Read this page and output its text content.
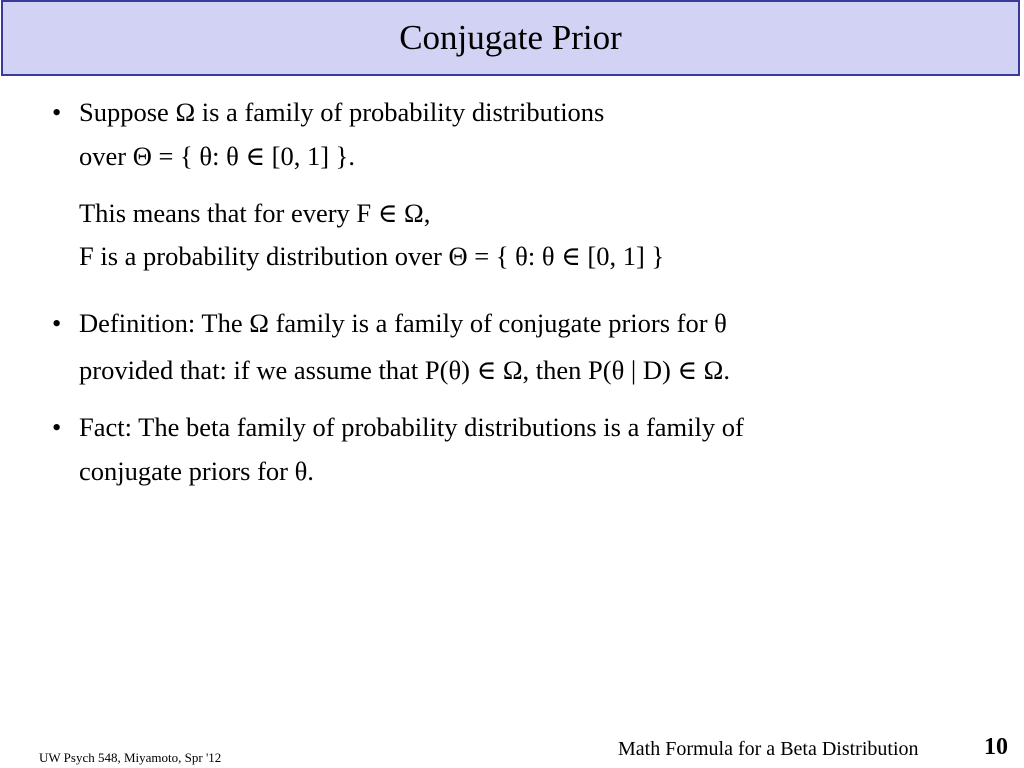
Conjugate Prior
• Suppose Ω is a family of probability distributions
over Θ = { θ: θ ∈ [0, 1] }.
This means that for every F ∈ Ω,
F is a probability distribution over Θ = { θ: θ ∈ [0, 1] }
• Definition: The Ω family is a family of conjugate priors for θ
provided that: if we assume that P(θ) ∈ Ω, then P(θ | D) ∈ Ω.
• Fact: The beta family of probability distributions is a family of
conjugate priors for θ.
UW Psych 548, Miyamoto, Spr '12	Math Formula for a Beta Distribution	10
